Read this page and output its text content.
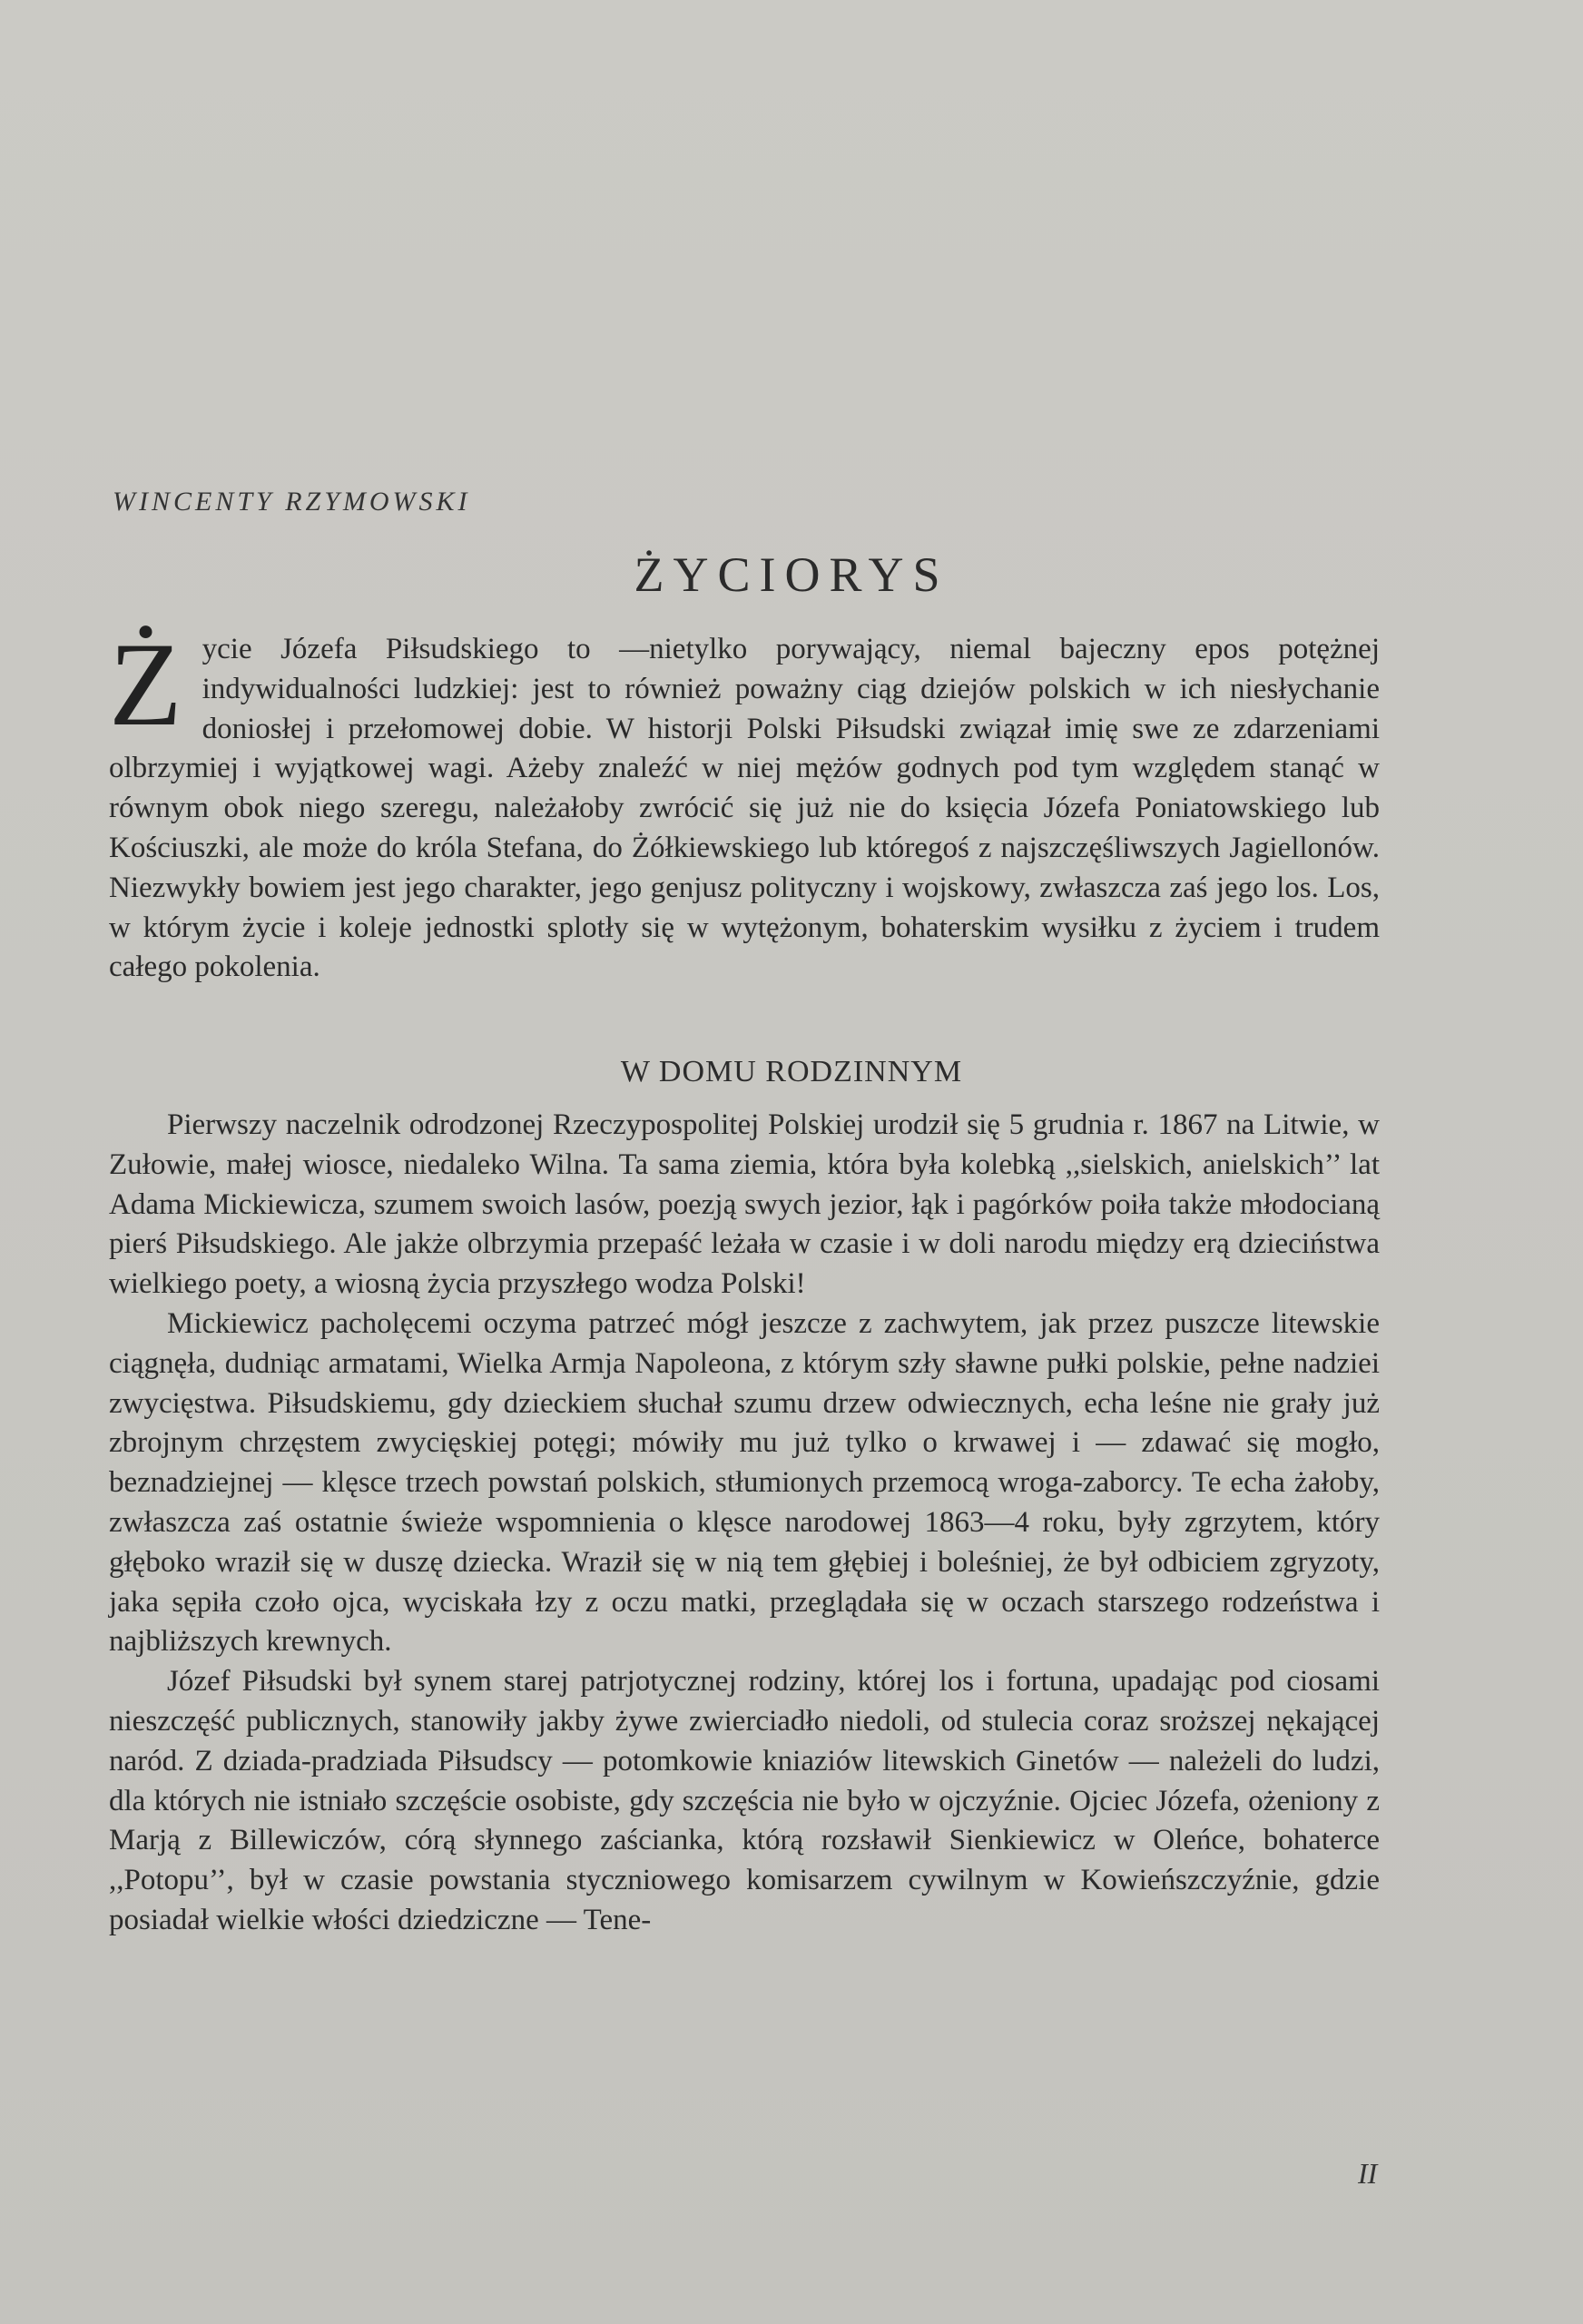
WINCENTY RZYMOWSKI
ŻYCIORYS
Życie Józefa Piłsudskiego to —nietylko porywający, niemal bajeczny epos potężnej indywidualności ludzkiej: jest to również poważny ciąg dziejów polskich w ich niesłychanie doniosłej i przełomowej dobie. W historji Polski Piłsudski związał imię swe ze zdarzeniami olbrzymiej i wyjątkowej wagi. Ażeby znaleźć w niej mężów godnych pod tym względem stanąć w równym obok niego szeregu, należałoby zwrócić się już nie do księcia Józefa Poniatowskiego lub Kościuszki, ale może do króla Stefana, do Żółkiewskiego lub któregoś z najszczęśliwszych Jagiellonów. Niezwykły bowiem jest jego charakter, jego genjusz polityczny i wojskowy, zwłaszcza zaś jego los. Los, w którym życie i koleje jednostki splotły się w wytężonym, bohaterskim wysiłku z życiem i trudem całego pokolenia.
W DOMU RODZINNYM

Pierwszy naczelnik odrodzonej Rzeczypospolitej Polskiej urodził się 5 grudnia r. 1867 na Litwie, w Zułowie, małej wiosce, niedaleko Wilna. Ta sama ziemia, która była kolebką ,,sielskich, anielskich’’ lat Adama Mickiewicza, szumem swoich lasów, poezją swych jezior, łąk i pagórków poiła także młodocianą pierś Piłsudskiego. Ale jakże olbrzymia przepaść leżała w czasie i w doli narodu między erą dzieciństwa wielkiego poety, a wiosną życia przyszłego wodza Polski!

Mickiewicz pacholęcemi oczyma patrzeć mógł jeszcze z zachwytem, jak przez puszcze litewskie ciągnęła, dudniąc armatami, Wielka Armja Napoleona, z którym szły sławne pułki polskie, pełne nadziei zwycięstwa. Piłsudskiemu, gdy dzieckiem słuchał szumu drzew odwiecznych, echa leśne nie grały już zbrojnym chrzęstem zwycięskiej potęgi; mówiły mu już tylko o krwawej i — zdawać się mogło, beznadziejnej — klęsce trzech powstań polskich, stłumionych przemocą wroga-zaborcy. Te echa żałoby, zwłaszcza zaś ostatnie świeże wspomnienia o klęsce narodowej 1863—4 roku, były zgrzytem, który głęboko wraził się w duszę dziecka. Wraził się w nią tem głębiej i boleśniej, że był odbiciem zgryzoty, jaka sępiła czoło ojca, wyciskała łzy z oczu matki, przeglądała się w oczach starszego rodzeństwa i najbliższych krewnych.

Józef Piłsudski był synem starej patrjotycznej rodziny, której los i fortuna, upadając pod ciosami nieszczęść publicznych, stanowiły jakby żywe zwierciadło niedoli, od stulecia coraz sroższej nękającej naród. Z dziada-pradziada Piłsudscy — potomkowie kniaziów litewskich Ginetów — należeli do ludzi, dla których nie istniało szczęście osobiste, gdy szczęścia nie było w ojczyźnie. Ojciec Józefa, ożeniony z Marją z Billewiczów, córą słynnego zaścianka, którą rozsławił Sienkiewicz w Oleńce, bohaterce ,,Potopu’’, był w czasie powstania styczniowego komisarzem cywilnym w Kowieńszczyźnie, gdzie posiadał wielkie włości dziedziczne — Tene-

II
